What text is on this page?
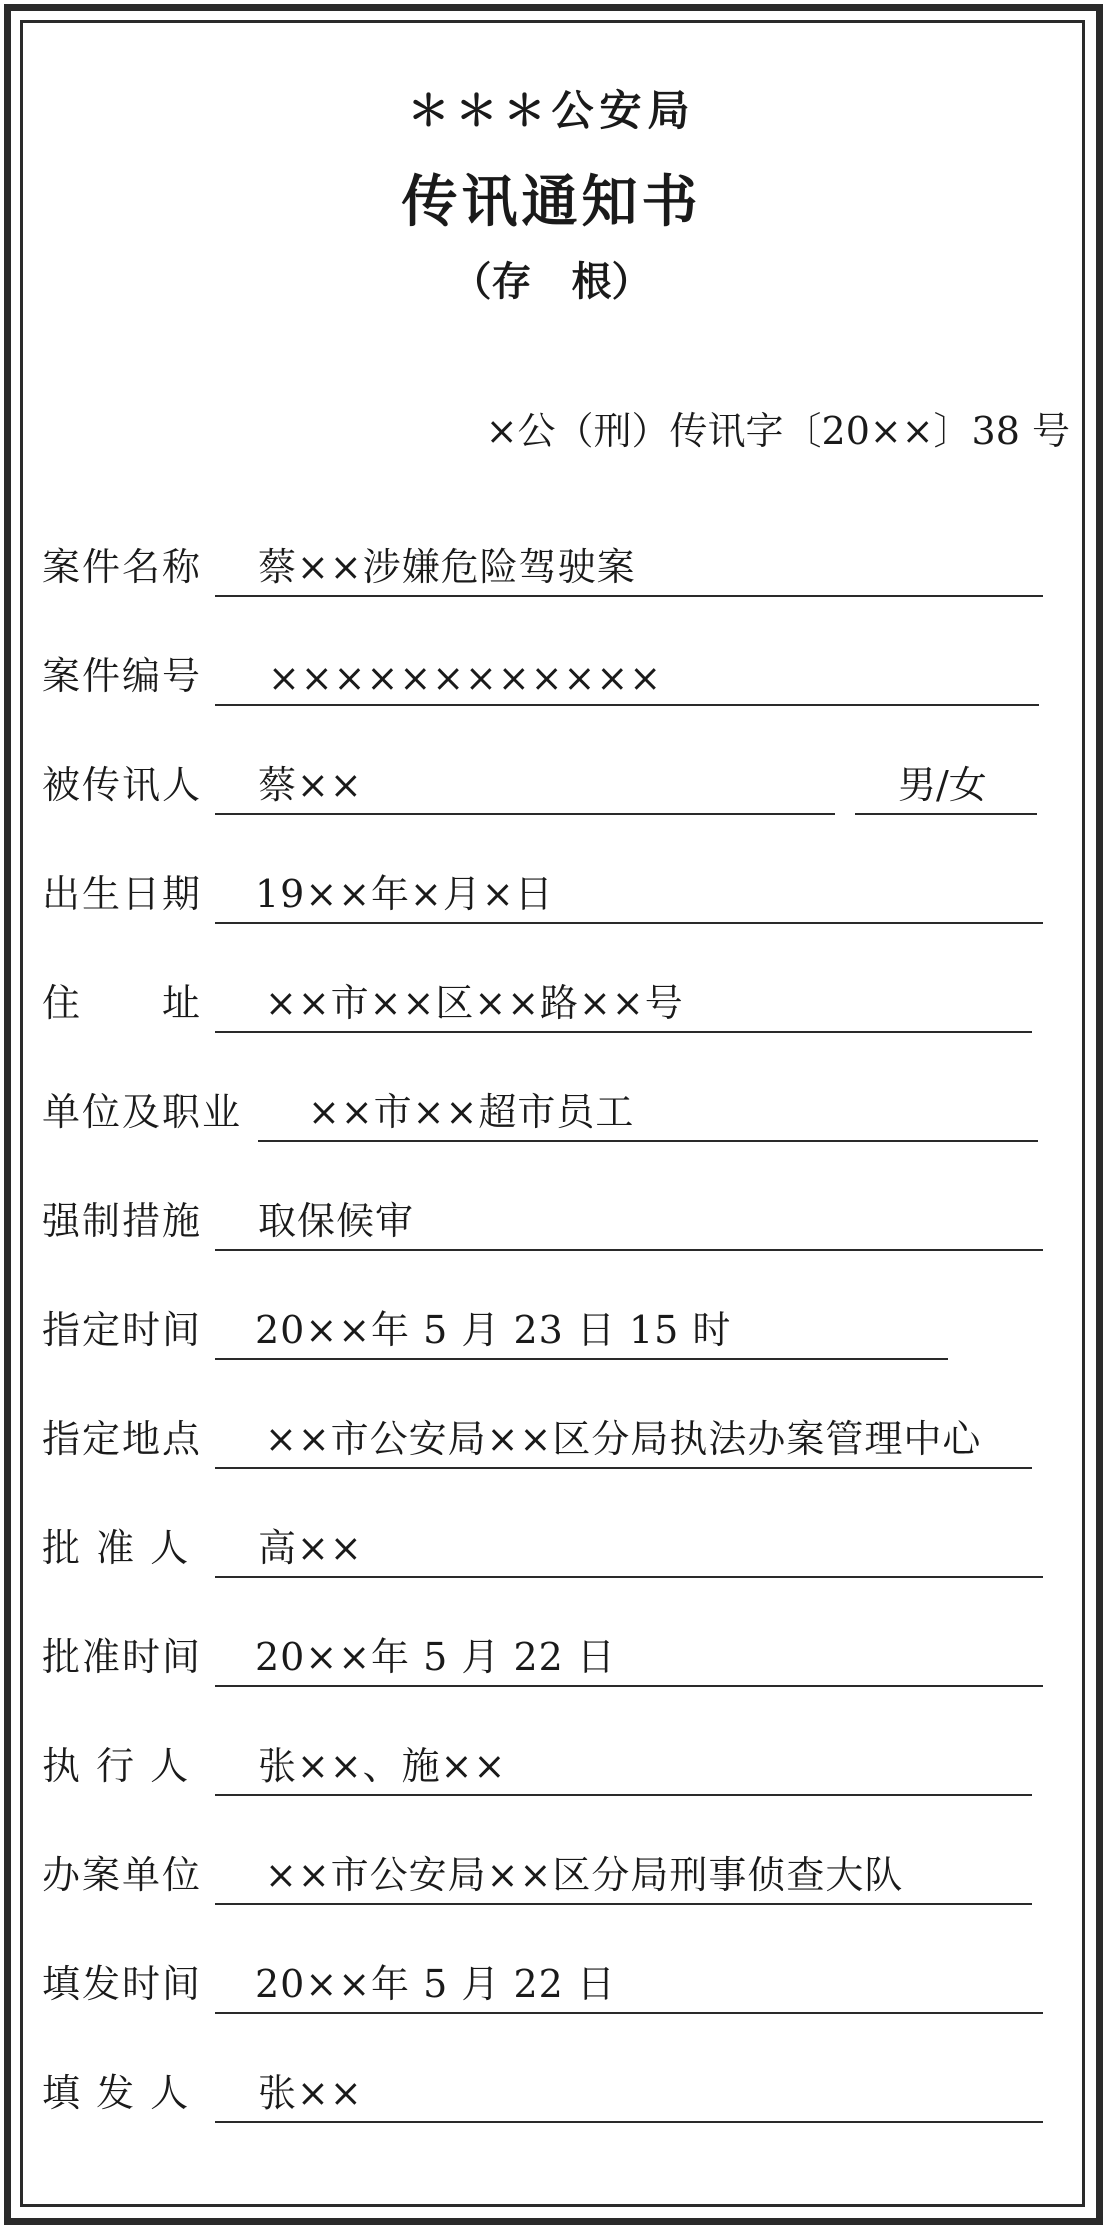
＊＊＊公安局
传讯通知书
（存　根）
×公（刑）传讯字〔20××〕38 号
案件名称 蔡××涉嫌危险驾驶案
案件编号 ××××××××××××
被传讯人 蔡××	男/女
出生日期 19××年×月×日
住　　址 ××市××区××路××号
单位及职业 ××市××超市员工
强制措施 取保候审
指定时间 20××年 5 月 23 日 15 时
指定地点 ××市公安局××区分局执法办案管理中心
批 准 人 高××
批准时间 20××年 5 月 22 日
执 行 人 张××、施××
办案单位 ××市公安局××区分局刑事侦查大队
填发时间 20××年 5 月 22 日
填 发 人 张××
